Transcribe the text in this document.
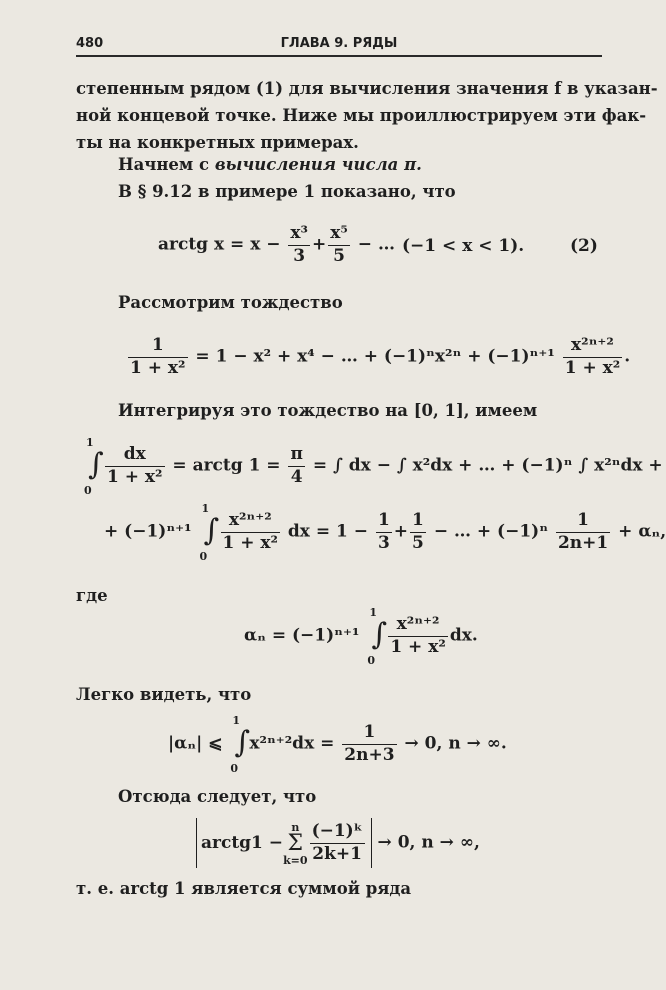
480	ГЛАВА 9. РЯДЫ
степенным рядом (1) для вычисления значения f в указан-
ной концевой точке. Ниже мы проиллюстрируем эти фак-
ты на конкретных примерах.
Начнем с вычисления числа π.
В § 9.12 в примере 1 показано, что
arctg $x = x - \frac{\text{x³}}{3} + \frac{\text{x⁵}}{5}$ − … (−1 < x < 1).	(2)
Рассмотрим тождество
$\frac{1}{\text{1 + x²}} = 1 - x^2 + x^4$ − … + $(-1)^nx^{2n} + (-1)^{n+1} \frac{\text{x²ⁿ⁺²}}{\text{1 + x²}}$ .
Интегрируя это тождество на [0, 1], имеем
1
∫
0
$\frac{dx}{\text{1 + x²}}$ = arctg $1 = \frac{\pi}{4}$ = ∫ dx − ∫ x²dx + … + (−1)ⁿ ∫ x²ⁿdx +
+ (−1)ⁿ⁺¹
1
∫
0
$\frac{\text{x²ⁿ⁺²}}{\text{1 + x²}}$ dx = $1 - \frac{1}{3} + \frac{1}{5}$ − … + $(-1)^n \frac{1}{2n+1} + \alpha_n$,
где
αₙ = (−1)ⁿ⁺¹
1
∫
0
$\frac{\text{x²ⁿ⁺²}}{\text{1 + x²}}$ dx.
Легко видеть, что
|αₙ| ⩽
1
∫
0
$x^{2n+2}dx = \frac{1}{2n+3} \to 0$, n → ∞.
Отсюда следует, что
arctg1 −n
Σ
$k=0 \frac{\text{(−1)ᵏ}}{2k+1} \to 0$, n → ∞,
т. е. arctg 1 является суммой ряда
